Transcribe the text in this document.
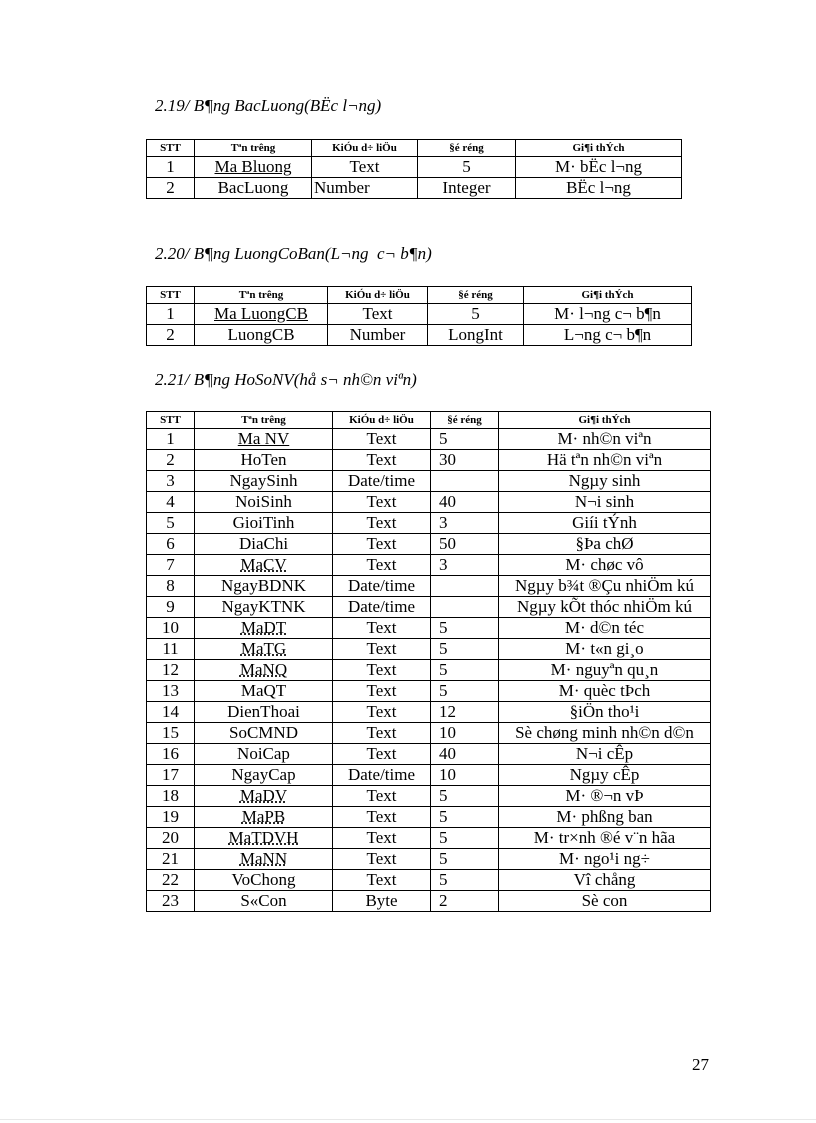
2.19/ B¶ng BacLuong(BËc l¬ng)
STT	Tªn trêng	KiÓu d÷ liÖu	§é réng	Gi¶i thÝch
1	Ma Bluong	Text	5	M· bËc l¬ng
2	BacLuong	Number	Integer	BËc l¬ng
2.20/ B¶ng LuongCoBan(L¬ng  c¬ b¶n)
STT	Tªn trêng	KiÓu d÷ liÖu	§é réng	Gi¶i thÝch
1	Ma LuongCB	Text	5	M· l¬ng c¬ b¶n
2	LuongCB	Number	LongInt	L¬ng c¬ b¶n
2.21/ B¶ng HoSoNV(hå s¬ nh©n viªn)
STT	Tªn trêng	KiÓu d÷ liÖu	§é réng	Gi¶i thÝch
1	Ma NV	Text	5	M· nh©n viªn
2	HoTen	Text	30	Hä tªn nh©n viªn
3	NgaySinh	Date/time		Ngµy sinh
4	NoiSinh	Text	40	N¬i sinh
5	GioiTinh	Text	3	Giíi tÝnh
6	DiaChi	Text	50	§Þa chØ
7	MaCV	Text	3	M· chøc vô
8	NgayBDNK	Date/time		Ngµy b¾t ®Çu nhiÖm kú
9	NgayKTNK	Date/time		Ngµy kÕt thóc nhiÖm kú
10	MaDT	Text	5	M· d©n téc
11	MaTG	Text	5	M· t«n gi¸o
12	MaNQ	Text	5	M· nguyªn qu¸n
13	MaQT	Text	5	M· quèc tÞch
14	DienThoai	Text	12	§iÖn tho¹i
15	SoCMND	Text	10	Sè chøng minh nh©n d©n
16	NoiCap	Text	40	N¬i cÊp
17	NgayCap	Date/time	10	Ngµy cÊp
18	MaDV	Text	5	M· ®¬n vÞ
19	MaPB	Text	5	M· phßng ban
20	MaTDVH	Text	5	M· tr×nh ®é v¨n hãa
21	MaNN	Text	5	M· ngo¹i ng÷
22	VoChong	Text	5	Vî chång
23	S«Con	Byte	2	Sè con
27
